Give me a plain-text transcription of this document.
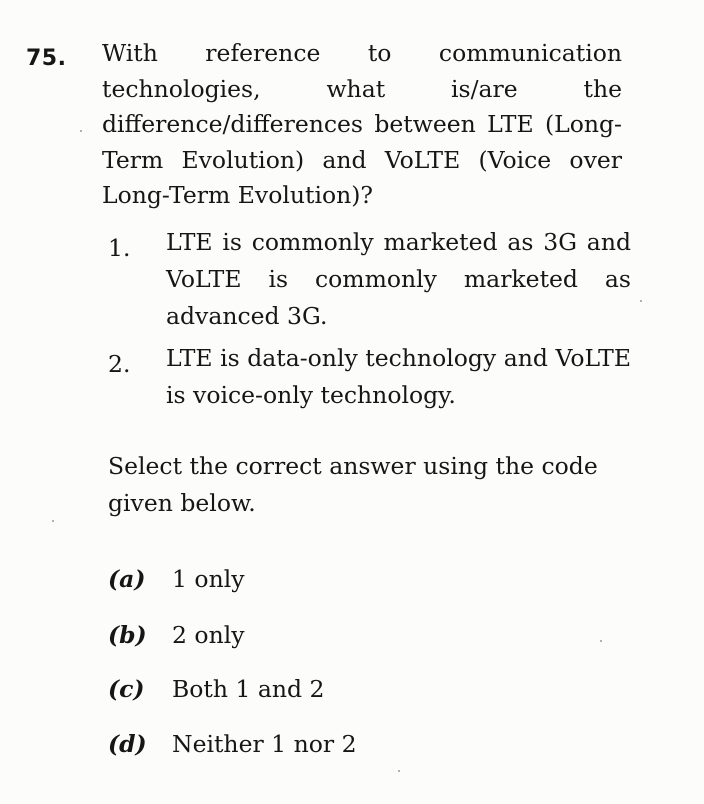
75. With reference to communication technologies, what is/are the difference/differences between LTE (Long-Term Evolution) and VoLTE (Voice over Long-Term Evolution)?
1. LTE is commonly marketed as 3G and VoLTE is commonly marketed as advanced 3G.
2. LTE is data-only technology and VoLTE is voice-only technology.
Select the correct answer using the code given below.
(a) 1 only
(b) 2 only
(c) Both 1 and 2
(d) Neither 1 nor 2
